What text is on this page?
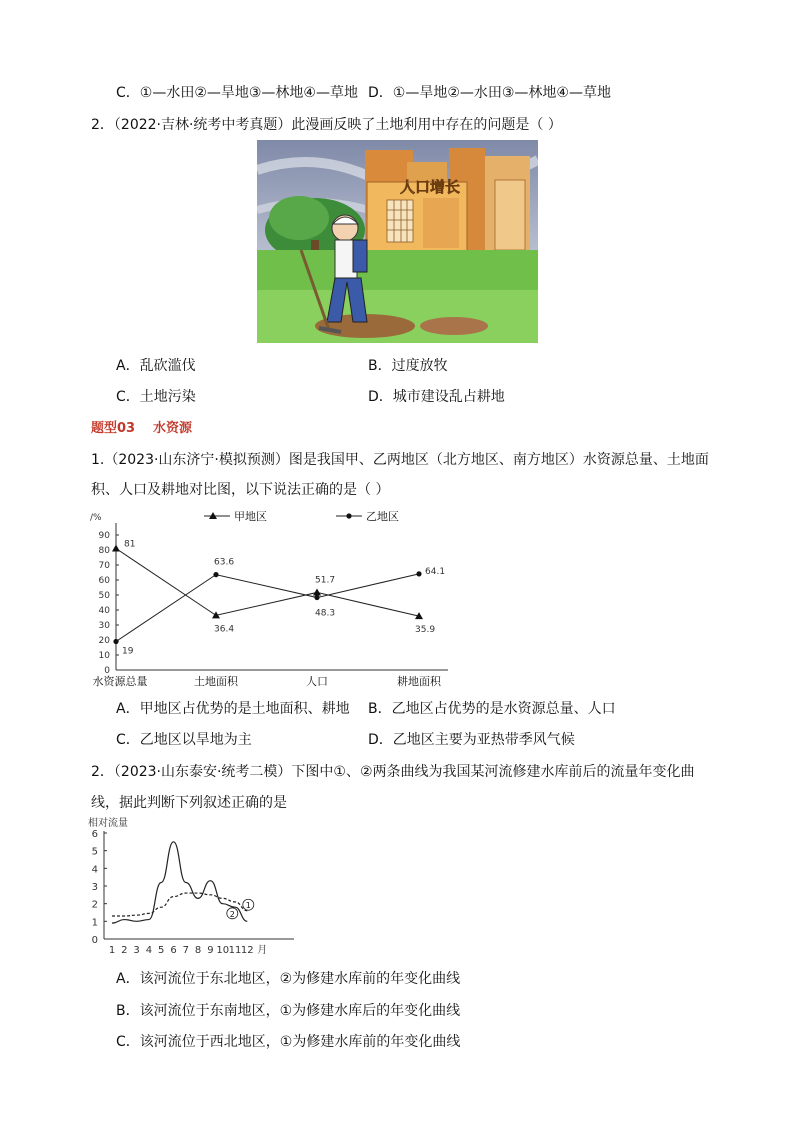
C．①—水田②—旱地③—林地④—草地 D．①—旱地②—水田③—林地④—草地
2．（2022·吉林·统考中考真题）此漫画反映了土地利用中存在的问题是（ ）
人口增长
A．乱砍滥伐	B．过度放牧
C．土地污染	D．城市建设乱占耕地
题型03 水资源
1.（2023·山东济宁·模拟预测）图是我国甲、乙两地区（北方地区、南方地区）水资源总量、土地面
积、人口及耕地对比图，以下说法正确的是（ ）
/%
0
10
20
30
40
50
60
70
80
90
水资源总量	土地面积	人口	耕地面积
甲地区	乙地区
81
36.4
51.7
35.9
19
63.6
48.3
64.1
A．甲地区占优势的是土地面积、耕地 B．乙地区占优势的是水资源总量、人口
C．乙地区以旱地为主	D．乙地区主要为亚热带季风气候
2．（2023·山东泰安·统考二模）下图中①、②两条曲线为我国某河流修建水库前后的流量年变化曲
线，据此判断下列叙述正确的是
相对流量
0
1
2
3
4
5
6
1 2 3 4 5 6 7 8 9 10 11 12 月
1
2
A．该河流位于东北地区，②为修建水库前的年变化曲线
B．该河流位于东南地区，①为修建水库后的年变化曲线
C．该河流位于西北地区，①为修建水库前的年变化曲线
